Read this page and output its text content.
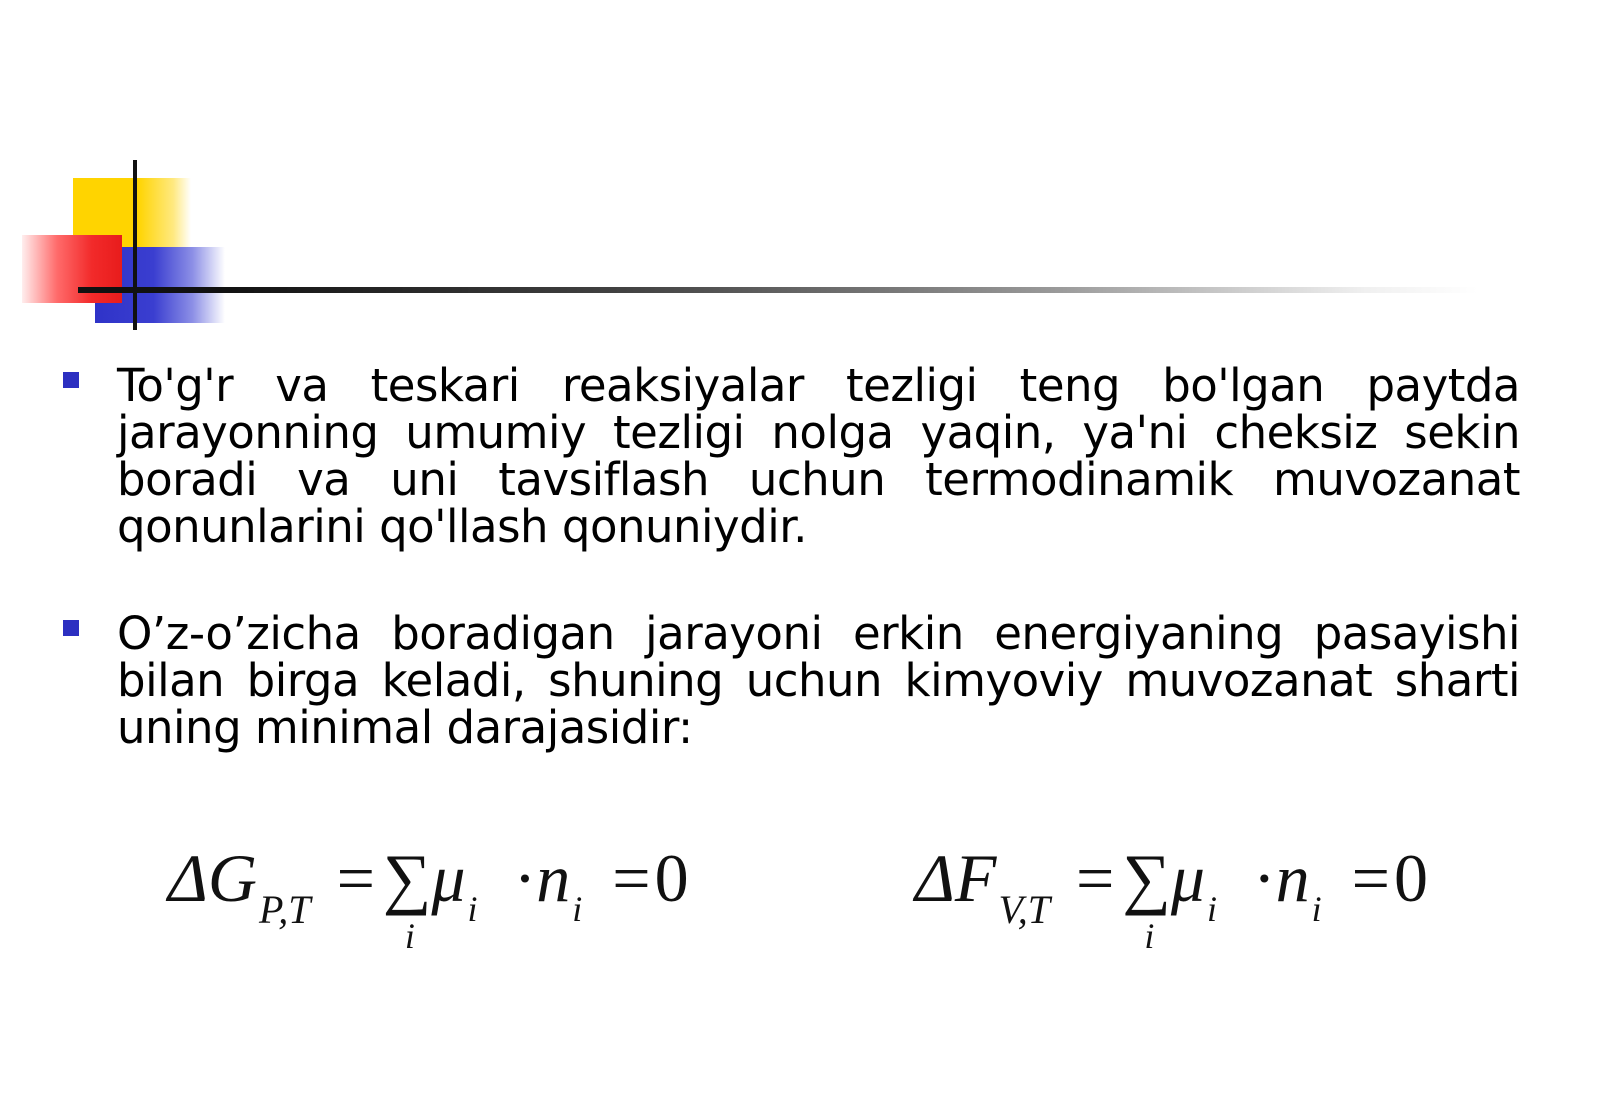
To'g'r va teskari reaksiyalar tezligi teng bo'lgan paytda jarayonning umumiy tezligi nolga yaqin, ya'ni cheksiz sekin boradi va uni tavsiflash uchun termodinamik muvozanat qonunlarini qo'llash qonuniydir.

O’z-o’zicha boradigan jarayoni erkin energiyaning pasayishi bilan birga keladi, shuning uchun kimyoviy muvozanat sharti uning minimal darajasidir:

$\Delta G_{P,T}$ = ∑
i
$\mu_i \cdot n_i =0$	$\Delta F_{V,T}$ = ∑
i
$\mu_i \cdot n_i =0$
